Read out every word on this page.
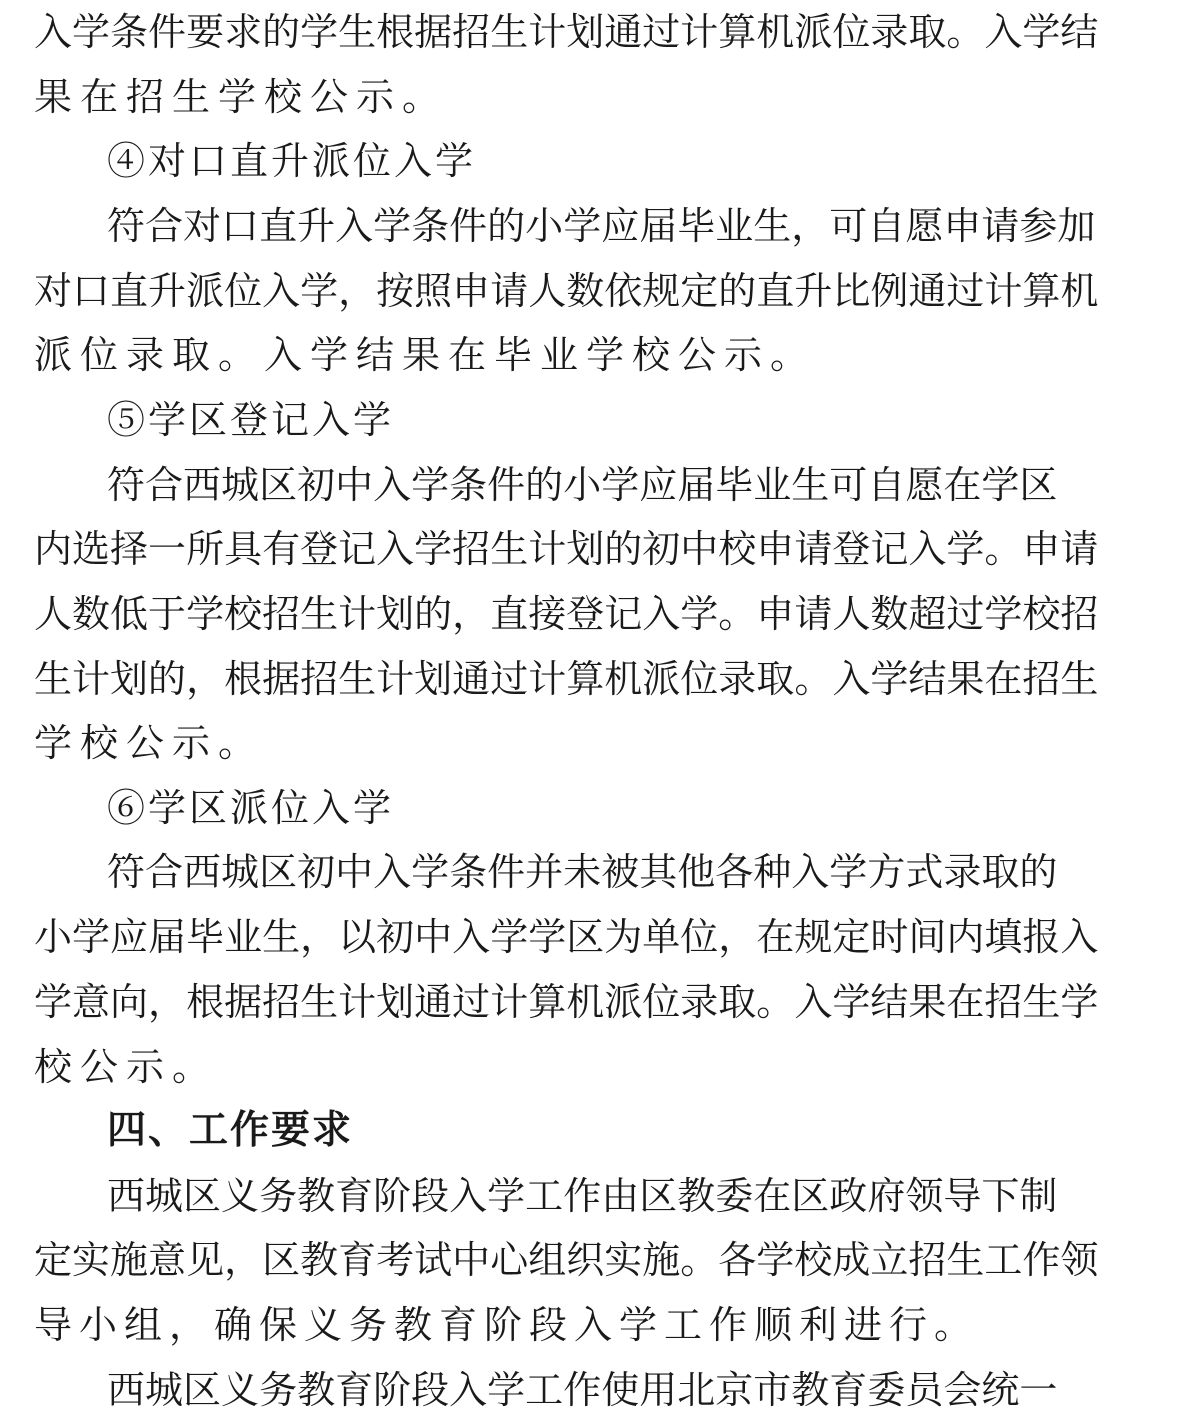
入 学 条 件 要 求 的 学 生 根 据 招 生 计 划 通 过 计 算 机 派 位 录 取 。 入 学 结
果在招生学校公示。
④对口直升派位入学
符 合 对 口 直 升 入 学 条 件 的 小 学 应 届 毕 业 生 ， 可 自 愿 申 请 参 加
对 口 直 升 派 位 入 学 ， 按 照 申 请 人 数 依 规 定 的 直 升 比 例 通 过 计 算 机
派位录取。入学结果在毕业学校公示。
⑤学区登记入学
符 合 西 城 区 初 中 入 学 条 件 的 小 学 应 届 毕 业 生 可 自 愿 在 学 区
内 选 择 一 所 具 有 登 记 入 学 招 生 计 划 的 初 中 校 申 请 登 记 入 学 。 申 请
人 数 低 于 学 校 招 生 计 划 的 ， 直 接 登 记 入 学 。 申 请 人 数 超 过 学 校 招
生 计 划 的 ， 根 据 招 生 计 划 通 过 计 算 机 派 位 录 取 。 入 学 结 果 在 招 生
学校公示。
⑥学区派位入学
符 合 西 城 区 初 中 入 学 条 件 并 未 被 其 他 各 种 入 学 方 式 录 取 的
小 学 应 届 毕 业 生 ， 以 初 中 入 学 学 区 为 单 位 ， 在 规 定 时 间 内 填 报 入
学 意 向 ， 根 据 招 生 计 划 通 过 计 算 机 派 位 录 取 。 入 学 结 果 在 招 生 学
校公示。
四、工作要求
西 城 区 义 务 教 育 阶 段 入 学 工 作 由 区 教 委 在 区 政 府 领 导 下 制
定 实 施 意 见 ， 区 教 育 考 试 中 心 组 织 实 施 。 各 学 校 成 立 招 生 工 作 领
导小组，确保义务教育阶段入学工作顺利进行。
西 城 区 义 务 教 育 阶 段 入 学 工 作 使 用 北 京 市 教 育 委 员 会 统 一
